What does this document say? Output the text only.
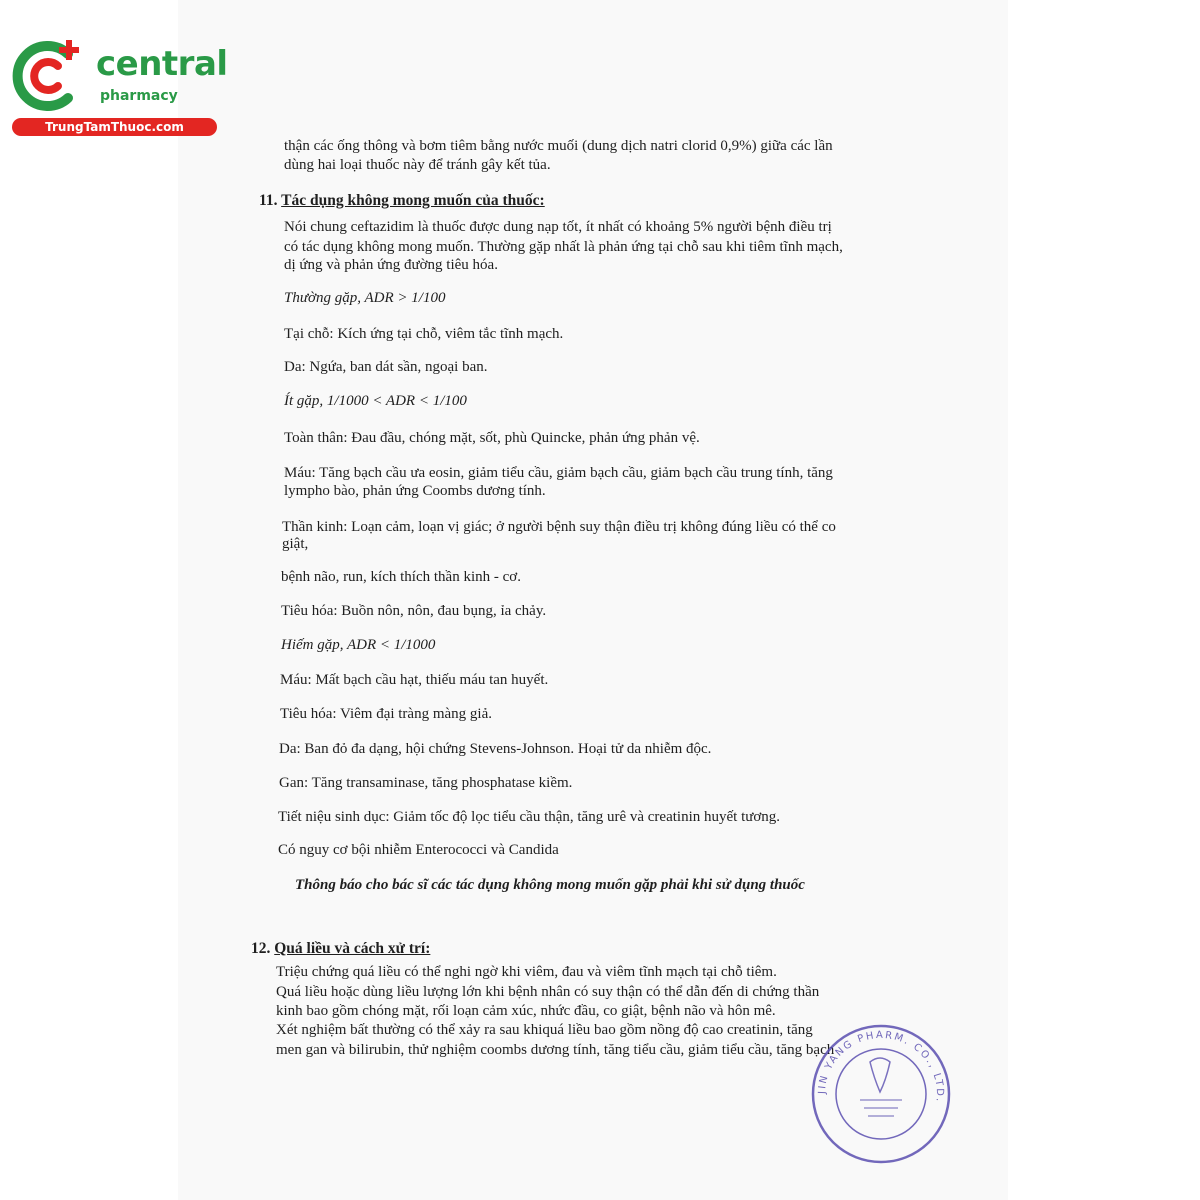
central
pharmacy
TrungTamThuoc.com
thận các ống thông và bơm tiêm bằng nước muối (dung dịch natri clorid 0,9%) giữa các lần
dùng hai loại thuốc này để tránh gây kết tủa.
11. Tác dụng không mong muốn của thuốc:
Nói chung ceftazidim là thuốc được dung nạp tốt, ít nhất có khoảng 5% người bệnh điều trị
có tác dụng không mong muốn. Thường gặp nhất là phản ứng tại chỗ sau khi tiêm tĩnh mạch,
dị ứng và phản ứng đường tiêu hóa.
Thường gặp, ADR > 1/100
Tại chỗ: Kích ứng tại chỗ, viêm tắc tĩnh mạch.
Da: Ngứa, ban dát sần, ngoại ban.
Ít gặp, 1/1000 < ADR < 1/100
Toàn thân: Đau đầu, chóng mặt, sốt, phù Quincke, phản ứng phản vệ.
Máu: Tăng bạch cầu ưa eosin, giảm tiểu cầu, giảm bạch cầu, giảm bạch cầu trung tính, tăng
lympho bào, phản ứng Coombs dương tính.
Thần kinh: Loạn cảm, loạn vị giác; ở người bệnh suy thận điều trị không đúng liều có thể co
giật,
bệnh não, run, kích thích thần kinh - cơ.
Tiêu hóa: Buồn nôn, nôn, đau bụng, ỉa chảy.
Hiếm gặp, ADR < 1/1000
Máu: Mất bạch cầu hạt, thiếu máu tan huyết.
Tiêu hóa: Viêm đại tràng màng giả.
Da: Ban đỏ đa dạng, hội chứng Stevens-Johnson. Hoại tử da nhiễm độc.
Gan: Tăng transaminase, tăng phosphatase kiềm.
Tiết niệu sinh dục: Giảm tốc độ lọc tiểu cầu thận, tăng urê và creatinin huyết tương.
Có nguy cơ bội nhiễm Enterococci và Candida
Thông báo cho bác sĩ các tác dụng không mong muốn gặp phải khi sử dụng thuốc
12. Quá liều và cách xử trí:
Triệu chứng quá liều có thể nghi ngờ khi viêm, đau và viêm tĩnh mạch tại chỗ tiêm.
Quá liều hoặc dùng liều lượng lớn khi bệnh nhân có suy thận có thể dẫn đến di chứng thần
kinh bao gồm chóng mặt, rối loạn cảm xúc, nhức đầu, co giật, bệnh não và hôn mê.
Xét nghiệm bất thường có thể xảy ra sau khiquá liều bao gồm nồng độ cao creatinin, tăng
men gan và bilirubin, thử nghiệm coombs dương tính, tăng tiểu cầu, giảm tiểu cầu, tăng bạch
JIN YANG PHARM. CO., LTD.
